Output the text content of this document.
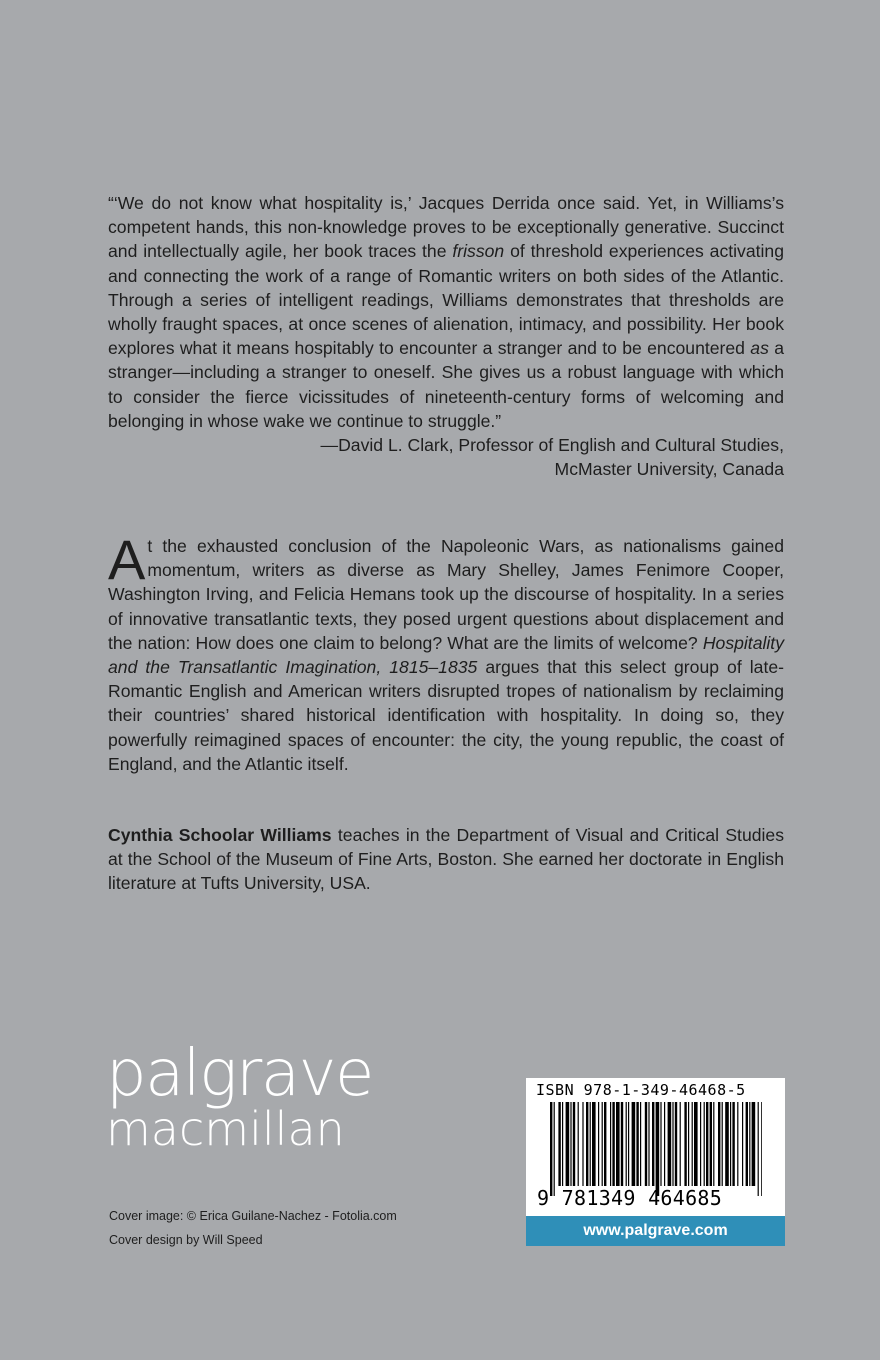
“‘We do not know what hospitality is,’ Jacques Derrida once said. Yet, in Williams’s competent hands, this non-knowledge proves to be exceptionally generative. Succinct and intellectually agile, her book traces the frisson of threshold experiences activating and connecting the work of a range of Romantic writers on both sides of the Atlantic. Through a series of intelligent readings, Williams demonstrates that thresholds are wholly fraught spaces, at once scenes of alienation, intimacy, and possibility. Her book explores what it means hospitably to encounter a stranger and to be encountered as a stranger—including a stranger to oneself. She gives us a robust language with which to consider the fierce vicissitudes of nineteenth-century forms of welcoming and belonging in whose wake we continue to struggle.”

—David L. Clark, Professor of English and Cultural Studies,

McMaster University, Canada

At the exhausted conclusion of the Napoleonic Wars, as nationalisms gained momentum, writers as diverse as Mary Shelley, James Fenimore Cooper, Washington Irving, and Felicia Hemans took up the discourse of hospitality. In a series of innovative transatlantic texts, they posed urgent questions about displacement and the nation: How does one claim to belong? What are the limits of welcome? Hospitality and the Transatlantic Imagination, 1815–1835 argues that this select group of late-Romantic English and American writers disrupted tropes of nationalism by reclaiming their countries’ shared historical identification with hospitality. In doing so, they powerfully reimagined spaces of encounter: the city, the young republic, the coast of England, and the Atlantic itself.

Cynthia Schoolar Williams teaches in the Department of Visual and Critical Studies at the School of the Museum of Fine Arts, Boston. She earned her doctorate in English literature at Tufts University, USA.

palgrave
macmillan
Cover image: © Erica Guilane-Nachez - Fotolia.com
Cover design by Will Speed
ISBN 978-1-349-46468-5
9 781349 464685
www.palgrave.com
